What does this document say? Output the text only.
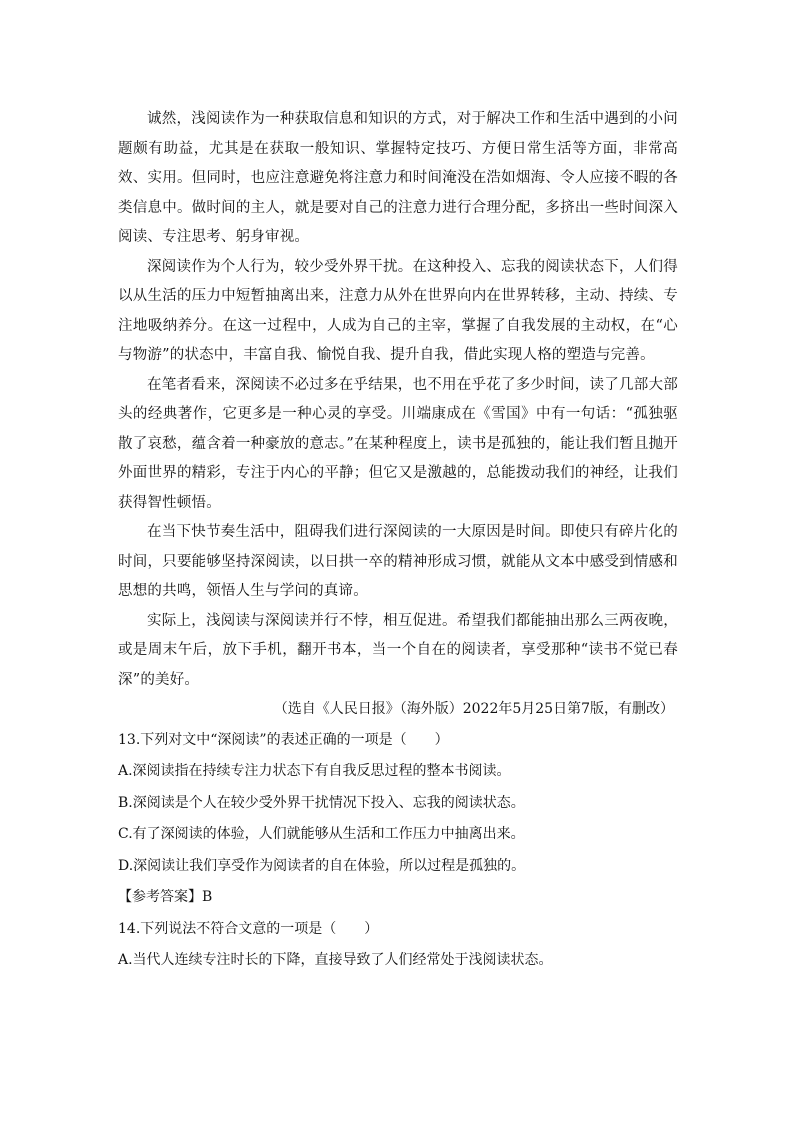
诚然，浅阅读作为一种获取信息和知识的方式，对于解决工作和生活中遇到的小问题颇有助益，尤其是在获取一般知识、掌握特定技巧、方便日常生活等方面，非常高效、实用。但同时，也应注意避免将注意力和时间淹没在浩如烟海、令人应接不暇的各类信息中。做时间的主人，就是要对自己的注意力进行合理分配，多挤出一些时间深入阅读、专注思考、躬身审视。

深阅读作为个人行为，较少受外界干扰。在这种投入、忘我的阅读状态下，人们得以从生活的压力中短暂抽离出来，注意力从外在世界向内在世界转移，主动、持续、专注地吸纳养分。在这一过程中，人成为自己的主宰，掌握了自我发展的主动权，在“心与物游”的状态中，丰富自我、愉悦自我、提升自我，借此实现人格的塑造与完善。

在笔者看来，深阅读不必过多在乎结果，也不用在乎花了多少时间，读了几部大部头的经典著作，它更多是一种心灵的享受。川端康成在《雪国》中有一句话：“孤独驱散了哀愁，蕴含着一种豪放的意志。”在某种程度上，读书是孤独的，能让我们暂且抛开外面世界的精彩，专注于内心的平静；但它又是激越的，总能拨动我们的神经，让我们获得智性顿悟。

在当下快节奏生活中，阻碍我们进行深阅读的一大原因是时间。即使只有碎片化的时间，只要能够坚持深阅读，以日拱一卒的精神形成习惯，就能从文本中感受到情感和思想的共鸣，领悟人生与学问的真谛。

实际上，浅阅读与深阅读并行不悖，相互促进。希望我们都能抽出那么三两夜晚，或是周末午后，放下手机，翻开书本，当一个自在的阅读者，享受那种“读书不觉已春深”的美好。

（选自《人民日报》（海外版）2022年5月25日第7版，有删改）

13.下列对文中“深阅读”的表述正确的一项是（　　）

A.深阅读指在持续专注力状态下有自我反思过程的整本书阅读。

B.深阅读是个人在较少受外界干扰情况下投入、忘我的阅读状态。

C.有了深阅读的体验，人们就能够从生活和工作压力中抽离出来。

D.深阅读让我们享受作为阅读者的自在体验，所以过程是孤独的。

【参考答案】B

14.下列说法不符合文意的一项是（　　）

A.当代人连续专注时长的下降，直接导致了人们经常处于浅阅读状态。
